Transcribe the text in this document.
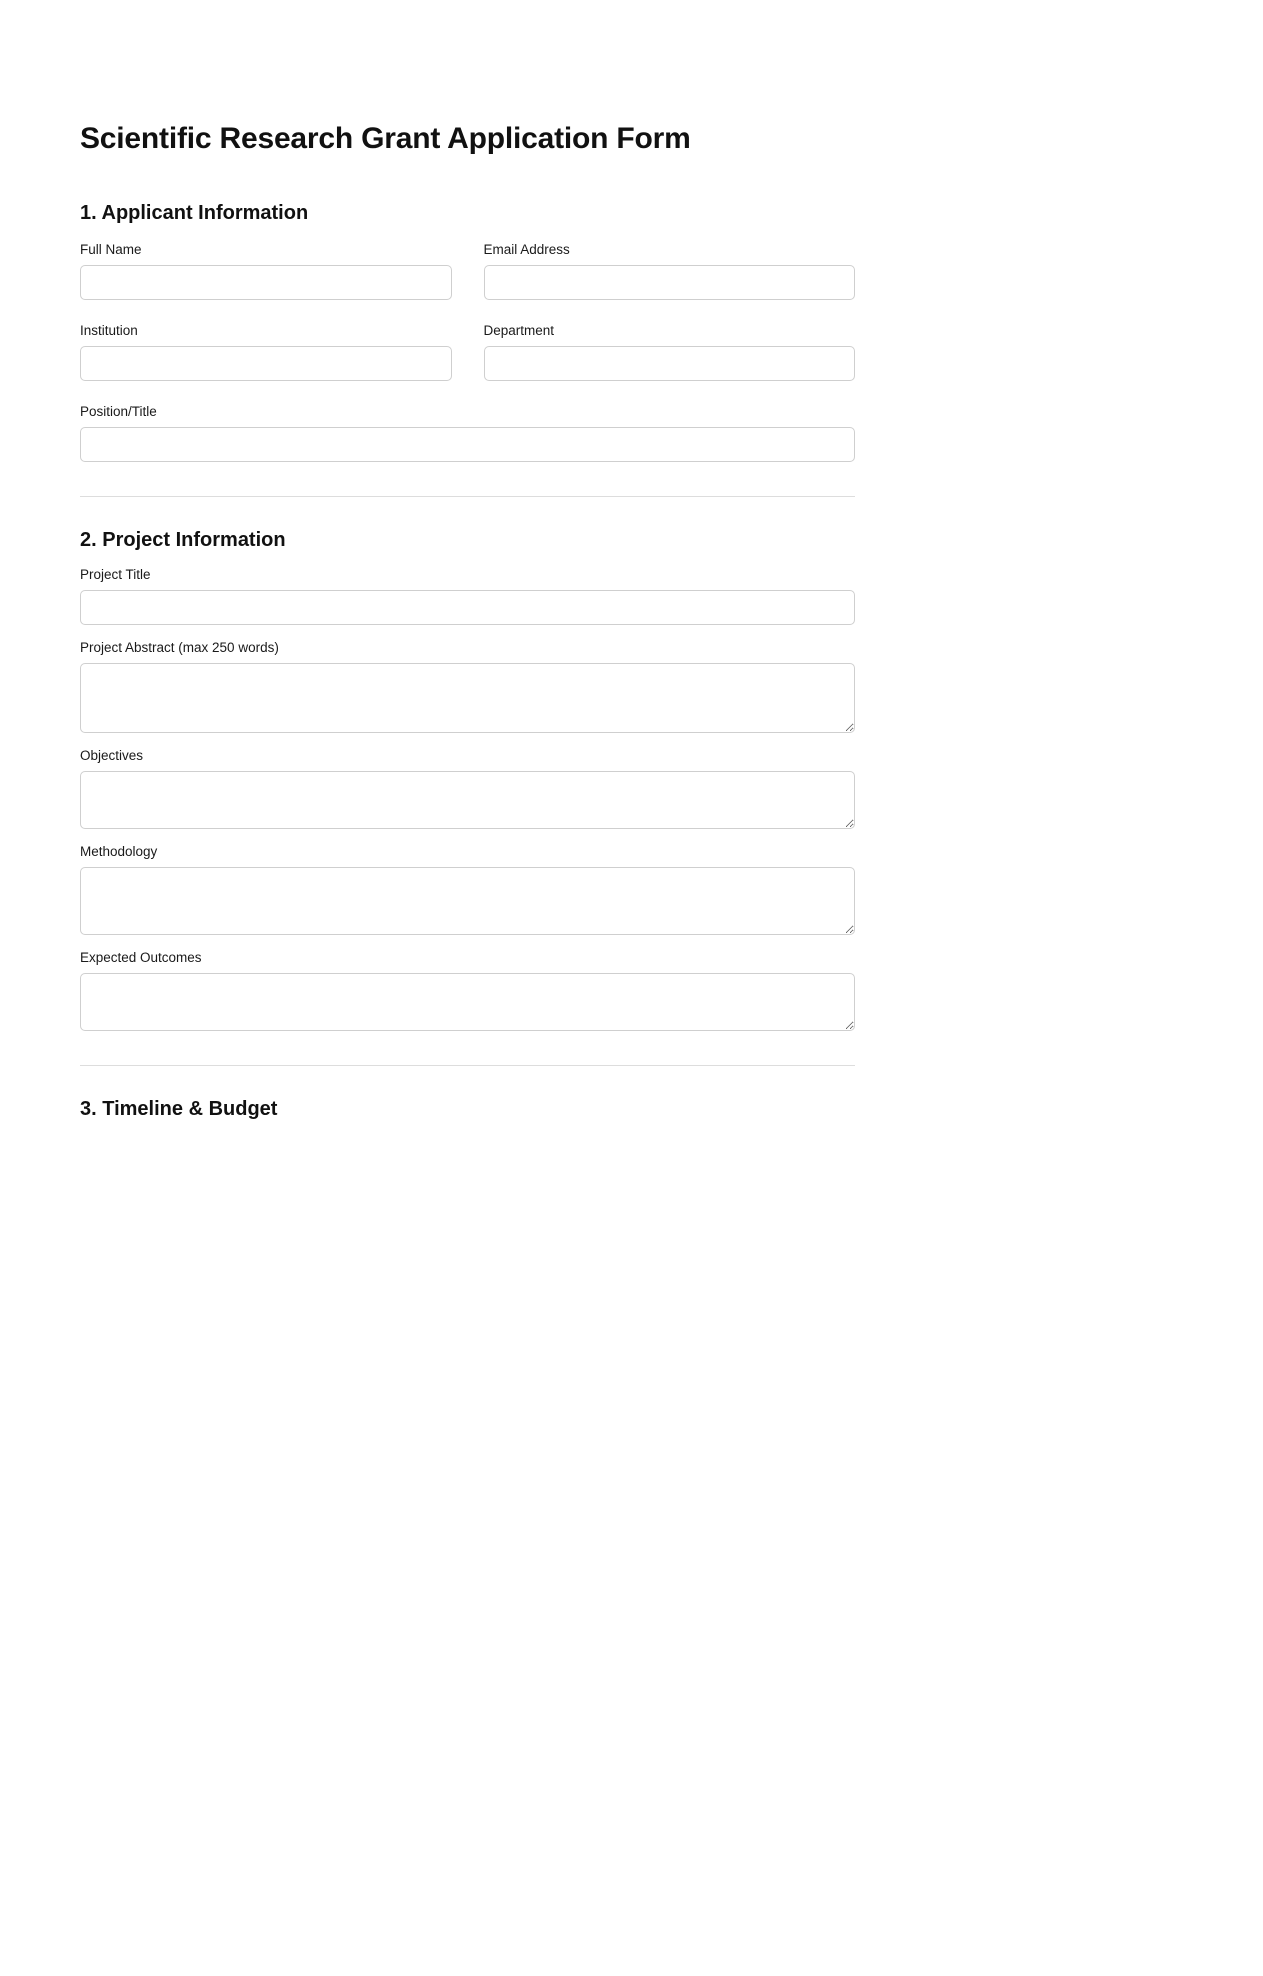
Scientific Research Grant Application Form
1. Applicant Information
Full Name	Email Address
Institution	Department
Position/Title
2. Project Information
Project Title
Project Abstract (max 250 words)
Objectives
Methodology
Expected Outcomes
3. Timeline & Budget
